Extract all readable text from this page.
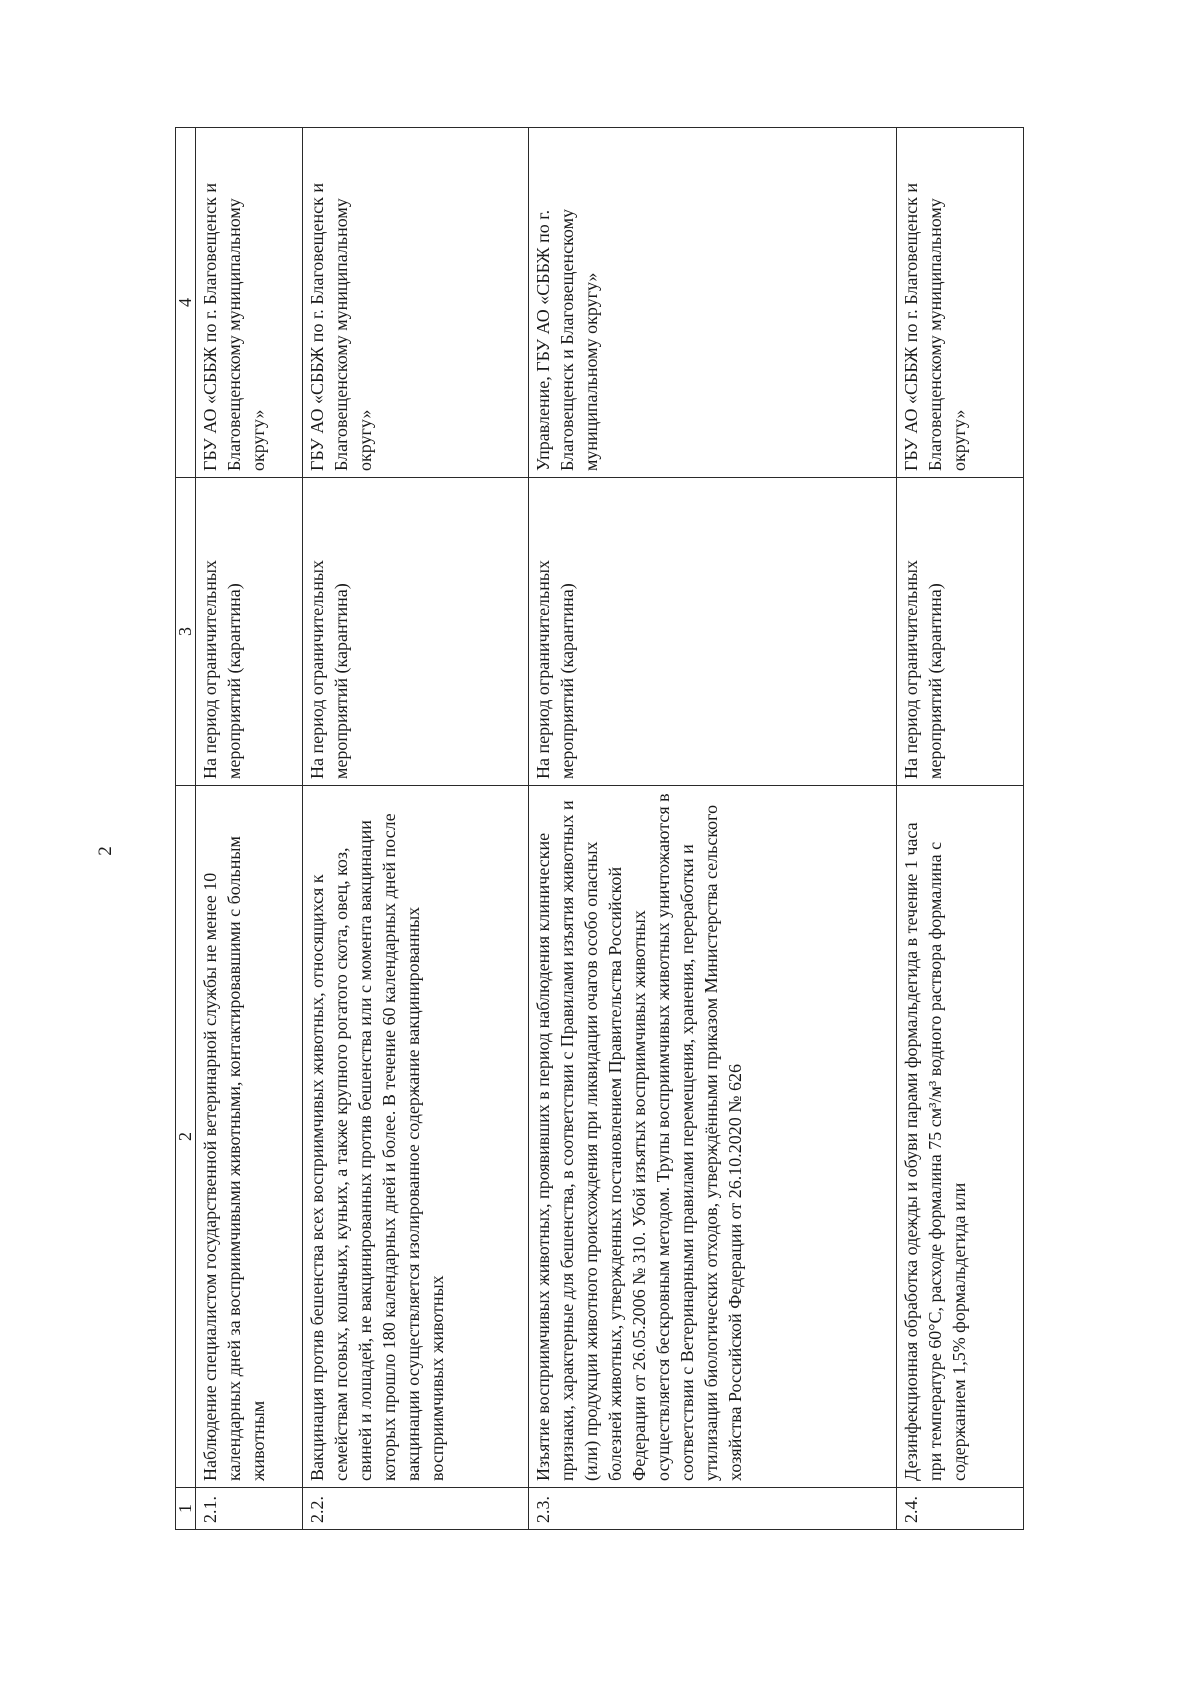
2
1	2	3	4
2.1.	Наблюдение специалистом государственной ветеринарной службы не менее 10 календарных дней за восприимчивыми животными, контактировавшими с больным животным	На период ограничительных мероприятий (карантина)	ГБУ АО «СББЖ по г. Благовещенск и Благовещенскому муниципальному округу»
2.2.	Вакцинация против бешенства всех восприимчивых животных, относящихся к семействам псовых, кошачьих, куньих, а также крупного рогатого скота, овец, коз, свиней и лошадей, не вакцинированных против бешенства или с момента вакцинации которых прошло 180 календарных дней и более. В течение 60 календарных дней после вакцинации осуществляется изолированное содержание вакцинированных восприимчивых животных	На период ограничительных мероприятий (карантина)	ГБУ АО «СББЖ по г. Благовещенск и Благовещенскому муниципальному округу»
2.3.	Изъятие восприимчивых животных, проявивших в период наблюдения клинические признаки, характерные для бешенства, в соответствии с Правилами изъятия животных и (или) продукции животного происхождения при ликвидации очагов особо опасных болезней животных, утвержденных постановлением Правительства Российской Федерации от 26.05.2006 № 310. Убой изъятых восприимчивых животных осуществляется бескровным методом. Трупы восприимчивых животных уничтожаются в соответствии с Ветеринарными правилами перемещения, хранения, переработки и утилизации биологических отходов, утверждёнными приказом Министерства сельского хозяйства Российской Федерации от 26.10.2020 № 626	На период ограничительных мероприятий (карантина)	Управление, ГБУ АО «СББЖ по г. Благовещенск и Благовещенскому муниципальному округу»
2.4.	Дезинфекционная обработка одежды и обуви парами формальдегида в течение 1 часа при температуре 60°С, расходе формалина 75 см³/м³ водного раствора формалина с содержанием 1,5% формальдегида или	На период ограничительных мероприятий (карантина)	ГБУ АО «СББЖ по г. Благовещенск и Благовещенскому муниципальному округу»
